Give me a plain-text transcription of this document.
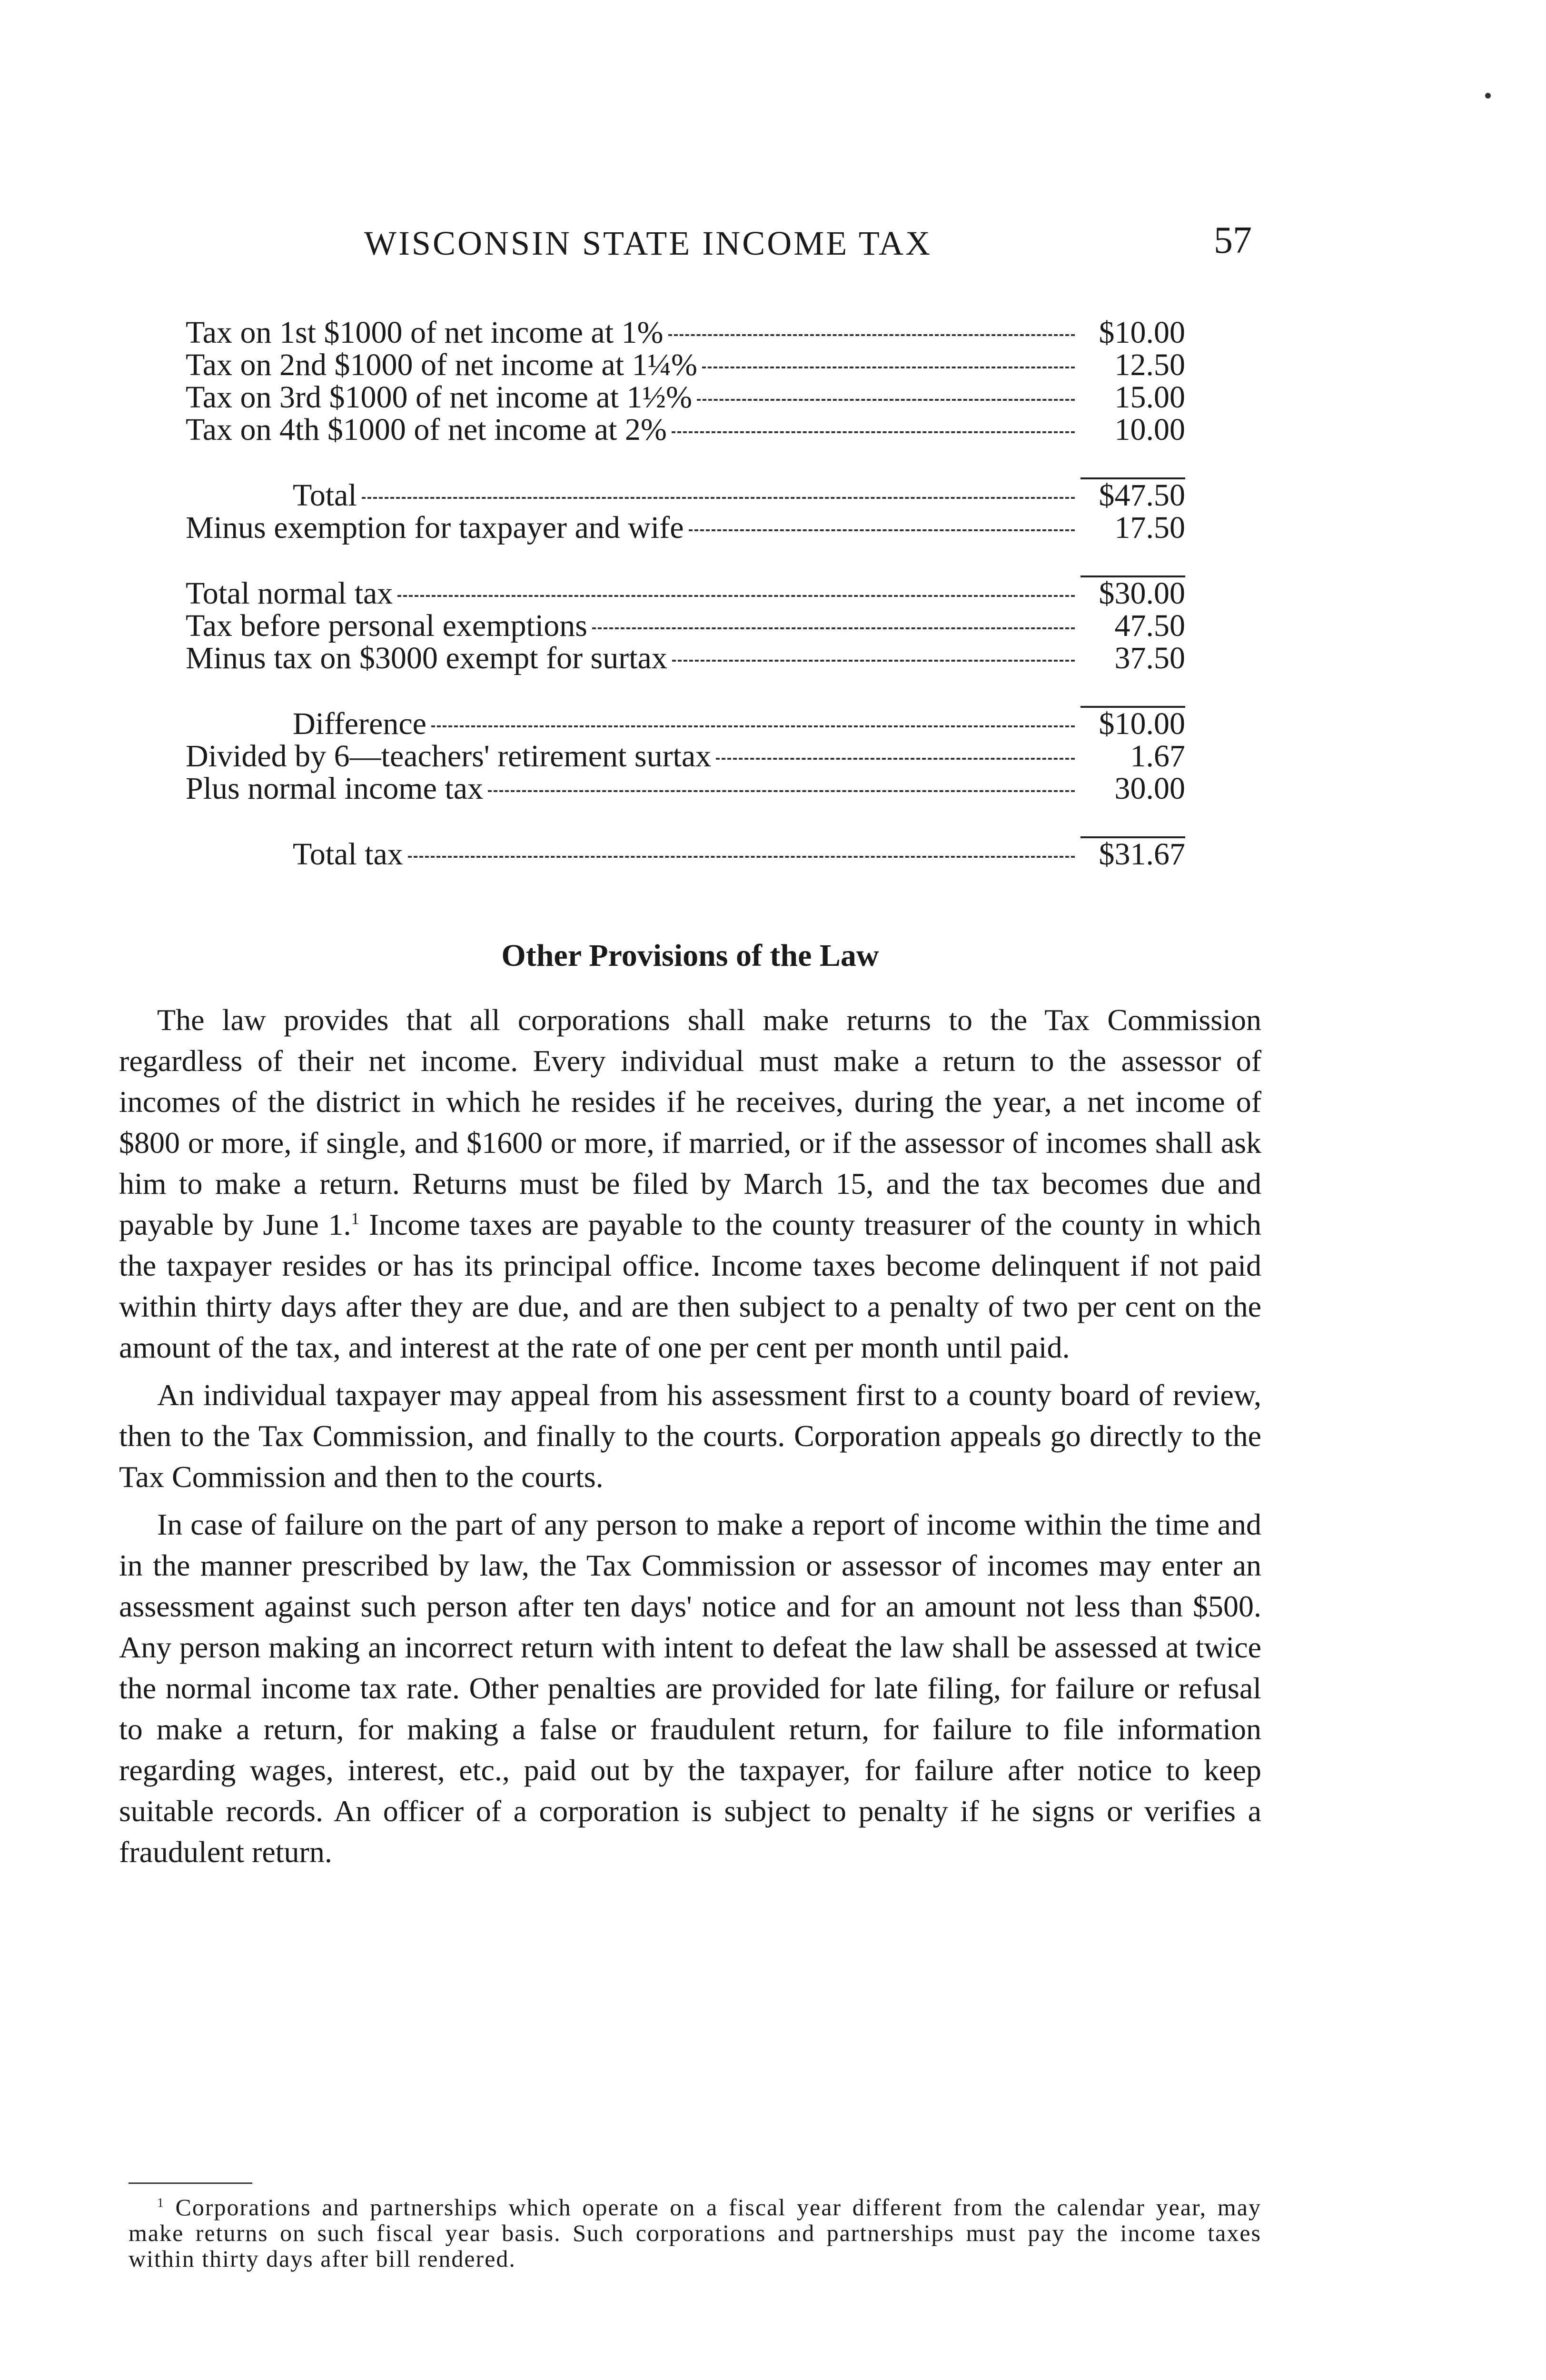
WISCONSIN STATE INCOME TAX	57
Tax on 1st $1000 of net income at 1%	$10.00
Tax on 2nd $1000 of net income at 1¼%	12.50
Tax on 3rd $1000 of net income at 1½%	15.00
Tax on 4th $1000 of net income at 2%	10.00
Total	$47.50
Minus exemption for taxpayer and wife	17.50
Total normal tax	$30.00
Tax before personal exemptions	47.50
Minus tax on $3000 exempt for surtax	37.50
Difference	$10.00
Divided by 6—teachers' retirement surtax	1.67
Plus normal income tax	30.00
Total tax	$31.67
Other Provisions of the Law

The law provides that all corporations shall make returns to the Tax Commission regardless of their net income. Every individual must make a return to the assessor of incomes of the district in which he resides if he receives, during the year, a net income of $800 or more, if single, and $1600 or more, if married, or if the assessor of incomes shall ask him to make a return. Returns must be filed by March 15, and the tax becomes due and payable by June 1.$^1$ Income taxes are payable to the county treasurer of the county in which the taxpayer resides or has its principal office. Income taxes become delinquent if not paid within thirty days after they are due, and are then subject to a penalty of two per cent on the amount of the tax, and interest at the rate of one per cent per month until paid.

An individual taxpayer may appeal from his assessment first to a county board of review, then to the Tax Commission, and finally to the courts. Corporation appeals go directly to the Tax Commission and then to the courts.

In case of failure on the part of any person to make a report of income within the time and in the manner prescribed by law, the Tax Commission or assessor of incomes may enter an assessment against such person after ten days' notice and for an amount not less than $500. Any person making an incorrect return with intent to defeat the law shall be assessed at twice the normal income tax rate. Other penalties are provided for late filing, for failure or refusal to make a return, for making a false or fraudulent return, for failure to file information regarding wages, interest, etc., paid out by the taxpayer, for failure after notice to keep suitable records. An officer of a corporation is subject to penalty if he signs or verifies a fraudulent return.

$^1$ Corporations and partnerships which operate on a fiscal year different from the calendar year, may make returns on such fiscal year basis. Such corporations and partnerships must pay the income taxes within thirty days after bill rendered.
